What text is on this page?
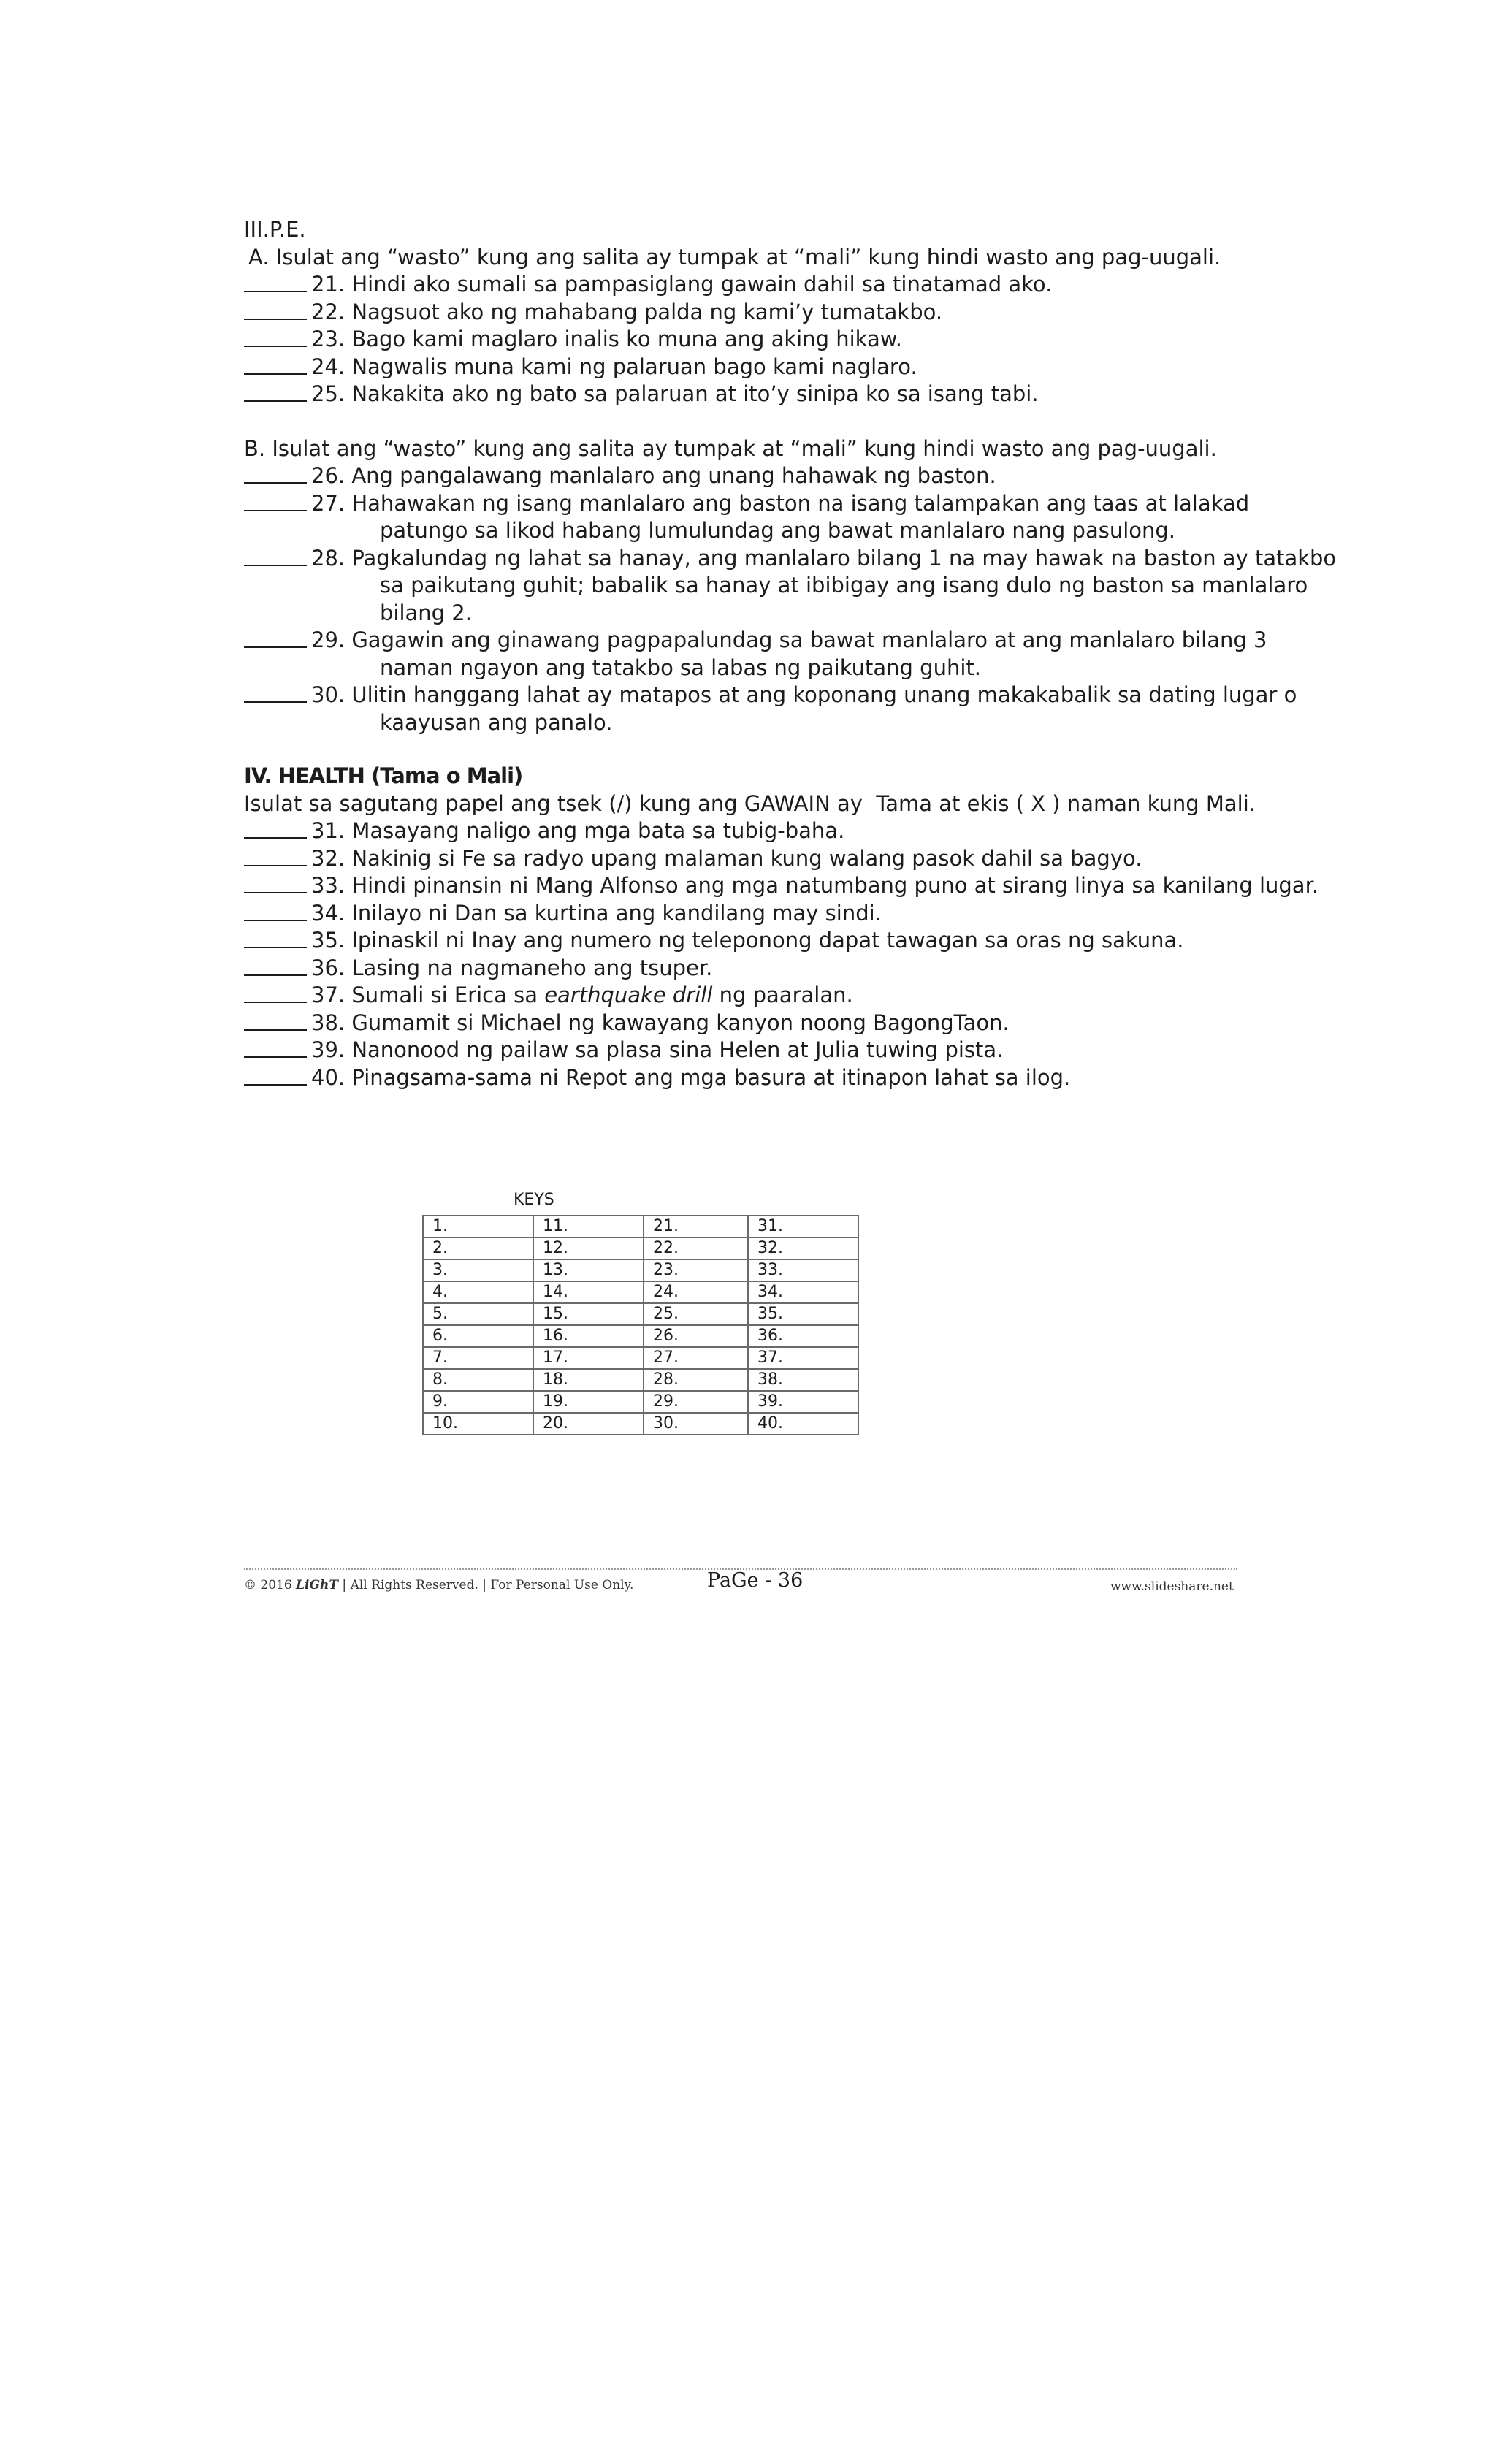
III.P.E.

A. Isulat ang “wasto” kung ang salita ay tumpak at “mali” kung hindi wasto ang pag-uugali.

21. Hindi ako sumali sa pampasiglang gawain dahil sa tinatamad ako.
22. Nagsuot ako ng mahabang palda ng kami’y tumatakbo.
23. Bago kami maglaro inalis ko muna ang aking hikaw.
24. Nagwalis muna kami ng palaruan bago kami naglaro.
25. Nakakita ako ng bato sa palaruan at ito’y sinipa ko sa isang tabi.

B. Isulat ang “wasto” kung ang salita ay tumpak at “mali” kung hindi wasto ang pag-uugali.

26. Ang pangalawang manlalaro ang unang hahawak ng baston.
27. Hahawakan ng isang manlalaro ang baston na isang talampakan ang taas at lalakad
patungo sa likod habang lumulundag ang bawat manlalaro nang pasulong.
28. Pagkalundag ng lahat sa hanay, ang manlalaro bilang 1 na may hawak na baston ay tatakbo
sa paikutang guhit; babalik sa hanay at ibibigay ang isang dulo ng baston sa manlalaro
bilang 2.
29. Gagawin ang ginawang pagpapalundag sa bawat manlalaro at ang manlalaro bilang 3
naman ngayon ang tatakbo sa labas ng paikutang guhit.
30. Ulitin hanggang lahat ay matapos at ang koponang unang makakabalik sa dating lugar o
kaayusan ang panalo.

IV. HEALTH (Tama o Mali)

Isulat sa sagutang papel ang tsek (/) kung ang GAWAIN ay  Tama at ekis ( X ) naman kung Mali.

31. Masayang naligo ang mga bata sa tubig-baha.
32. Nakinig si Fe sa radyo upang malaman kung walang pasok dahil sa bagyo.
33. Hindi pinansin ni Mang Alfonso ang mga natumbang puno at sirang linya sa kanilang lugar.
34. Inilayo ni Dan sa kurtina ang kandilang may sindi.
35. Ipinaskil ni Inay ang numero ng teleponong dapat tawagan sa oras ng sakuna.
36. Lasing na nagmaneho ang tsuper.
37. Sumali si Erica sa earthquake drill ng paaralan.
38. Gumamit si Michael ng kawayang kanyon noong BagongTaon.
39. Nanonood ng pailaw sa plasa sina Helen at Julia tuwing pista.
40. Pinagsama-sama ni Repot ang mga basura at itinapon lahat sa ilog.
KEYS
1.	11.	21.	31.
2.	12.	22.	32.
3.	13.	23.	33.
4.	14.	24.	34.
5.	15.	25.	35.
6.	16.	26.	36.
7.	17.	27.	37.
8.	18.	28.	38.
9.	19.	29.	39.
10.	20.	30.	40.
© 2016 LiGhT | All Rights Reserved. | For Personal Use Only.	PaGe - 36	www.slideshare.net
